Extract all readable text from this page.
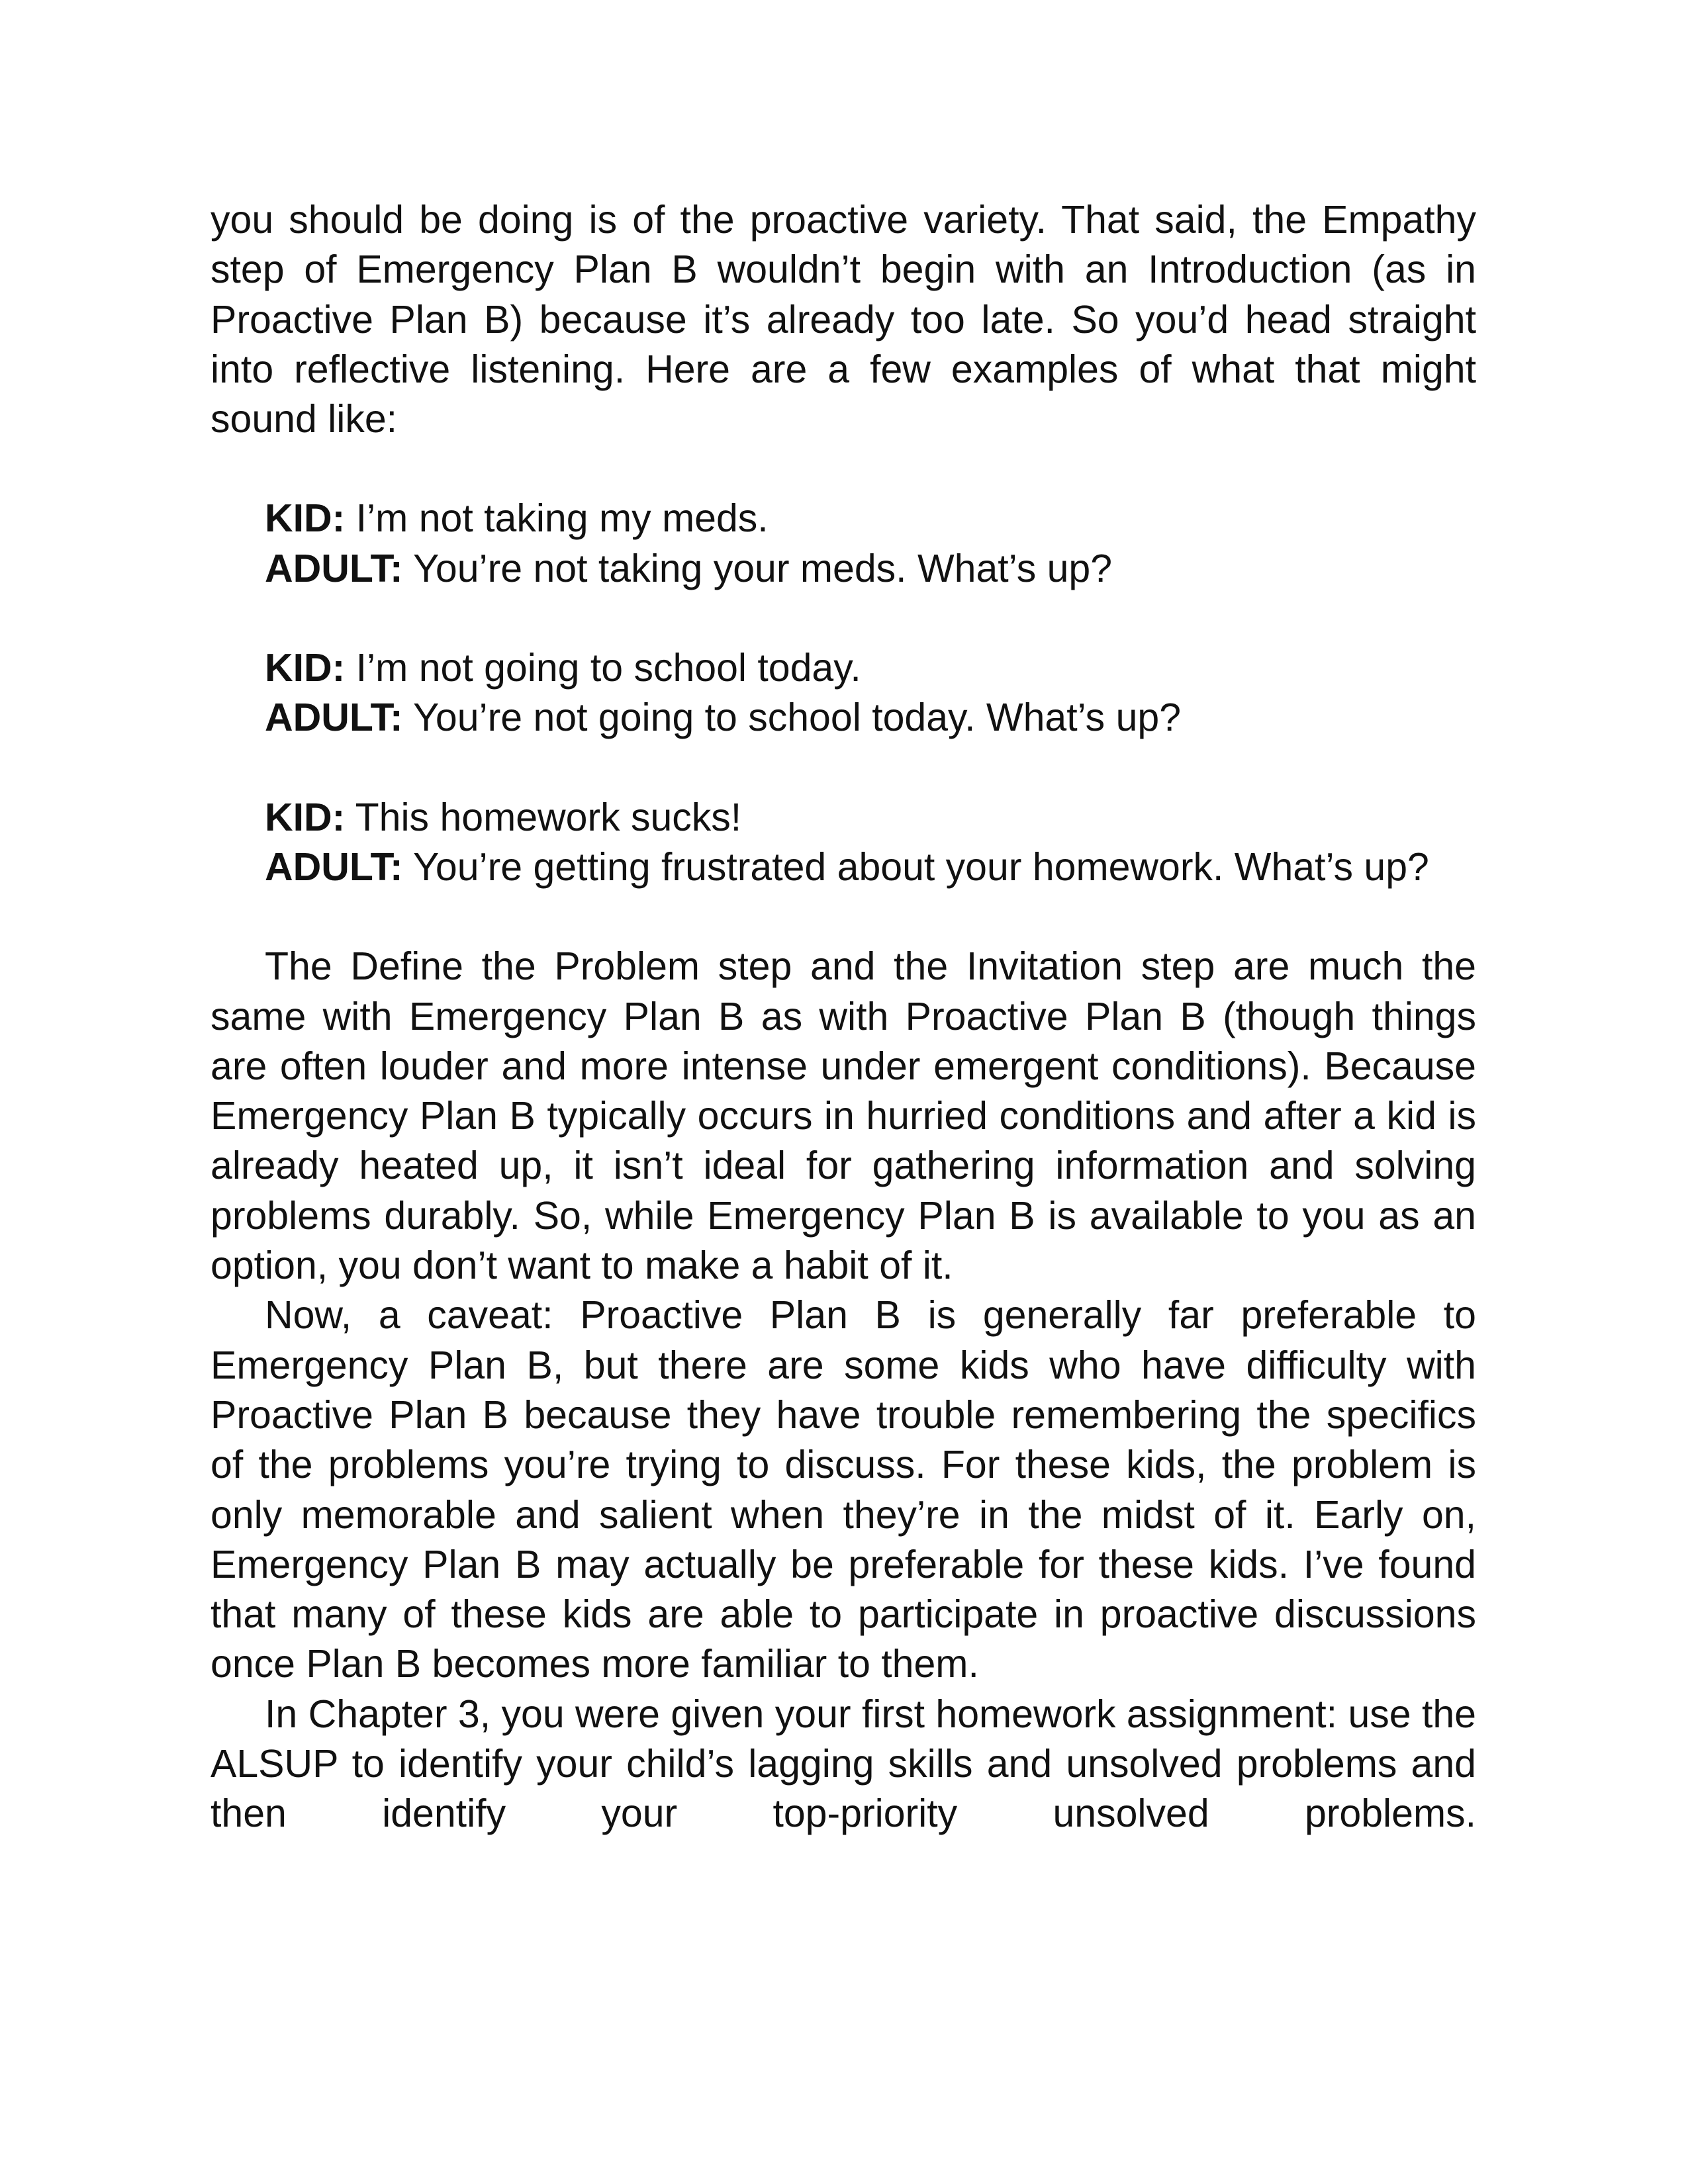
you should be doing is of the proactive variety. That said, the Empathy step of Emergency Plan B wouldn’t begin with an Introduction (as in Proactive Plan B) because it’s already too late. So you’d head straight into reflective listening. Here are a few examples of what that might sound like:

KID: I’m not taking my meds.

ADULT: You’re not taking your meds. What’s up?

KID: I’m not going to school today.

ADULT: You’re not going to school today. What’s up?

KID: This homework sucks!

ADULT: You’re getting frustrated about your homework. What’s up?

The Define the Problem step and the Invitation step are much the same with Emergency Plan B as with Proactive Plan B (though things are often louder and more intense under emergent conditions). Because Emergency Plan B typically occurs in hurried conditions and after a kid is already heated up, it isn’t ideal for gathering information and solving problems durably. So, while Emergency Plan B is available to you as an option, you don’t want to make a habit of it.

Now, a caveat: Proactive Plan B is generally far preferable to Emergency Plan B, but there are some kids who have difficulty with Proactive Plan B because they have trouble remembering the specifics of the problems you’re trying to discuss. For these kids, the problem is only memorable and salient when they’re in the midst of it. Early on, Emergency Plan B may actually be preferable for these kids. I’ve found that many of these kids are able to participate in proactive discussions once Plan B becomes more familiar to them.

In Chapter 3, you were given your first homework assignment: use the ALSUP to identify your child’s lagging skills and unsolved problems and then identify your top-priority unsolved problems.
